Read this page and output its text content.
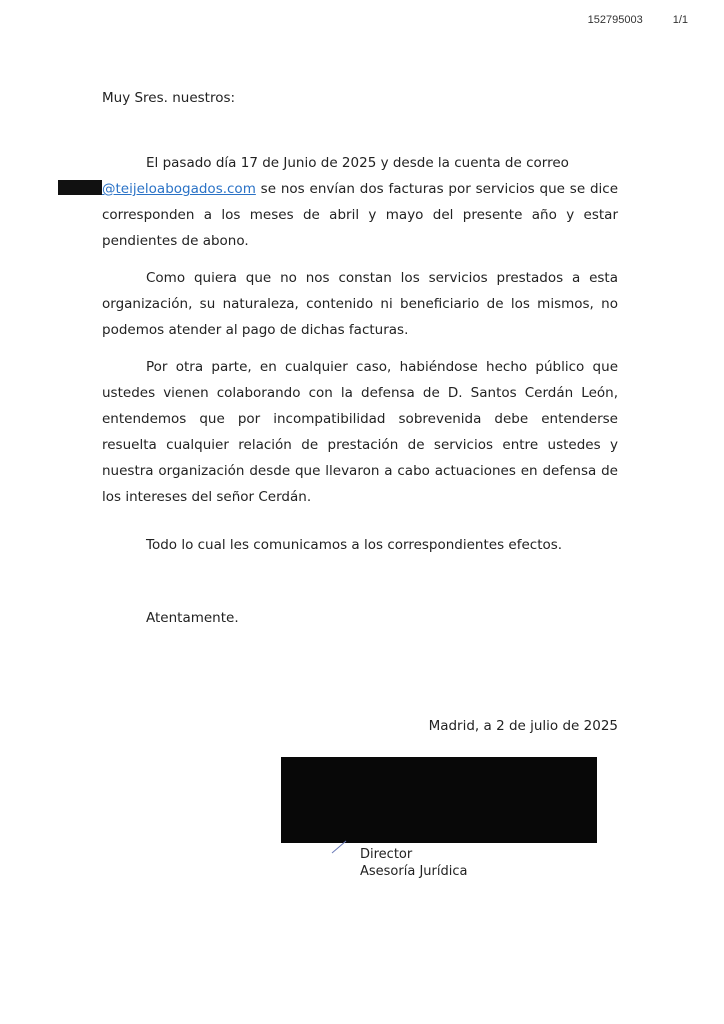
152795003	1/1

Muy Sres. nuestros:

El pasado día 17 de Junio de 2025 y desde la cuenta de correo
@teijeloabogados.com se nos envían dos facturas por servicios que se dice corresponden a los meses de abril y mayo del presente año y estar pendientes de abono.

Como quiera que no nos constan los servicios prestados a esta organización, su naturaleza, contenido ni beneficiario de los mismos, no podemos atender al pago de dichas facturas.

Por otra parte, en cualquier caso, habiéndose hecho público que ustedes vienen colaborando con la defensa de D. Santos Cerdán León, entendemos que por incompatibilidad sobrevenida debe entenderse resuelta cualquier relación de prestación de servicios entre ustedes y nuestra organización desde que llevaron a cabo actuaciones en defensa de los intereses del señor Cerdán.

Todo lo cual les comunicamos a los correspondientes efectos.

Atentamente.

Madrid, a 2 de julio de 2025

Director
Asesoría Jurídica
